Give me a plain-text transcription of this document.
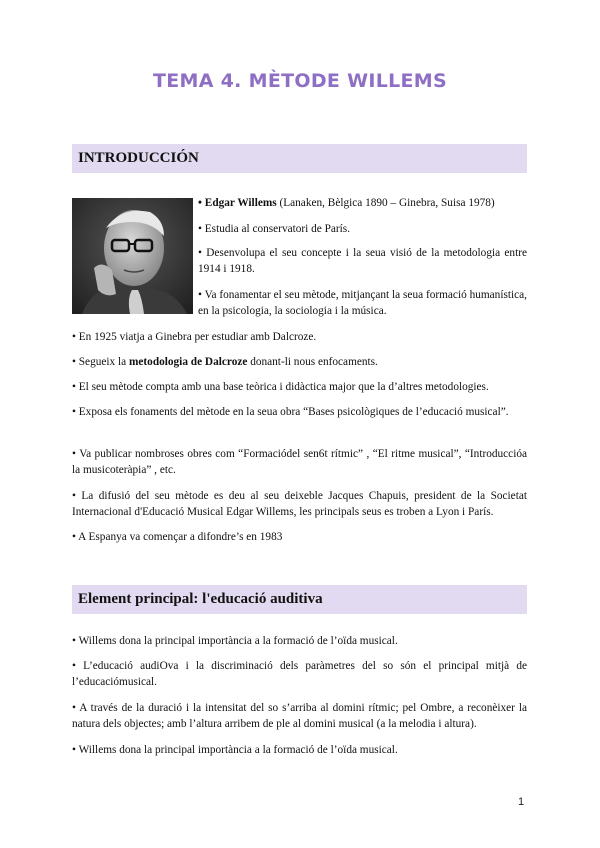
TEMA 4. MÈTODE WILLEMS
INTRODUCCIÓN

• Edgar Willems (Lanaken, Bèlgica 1890 – Ginebra, Suisa 1978)

• Estudia al conservatori de París.

• Desenvolupa el seu concepte i la seua visió de la metodologia entre 1914 i 1918.

• Va fonamentar el seu mètode, mitjançant la seua formació humanística, en la psicologia, la sociologia i la música.

• En 1925 viatja a Ginebra per estudiar amb Dalcroze.

• Segueix la metodologia de Dalcroze donant-li nous enfocaments.

• El seu mètode compta amb una base teòrica i didàctica major que la d’altres metodologies.

• Exposa els fonaments del mètode en la seua obra “Bases psicològiques de l’educació musical”.

• Va publicar nombroses obres com “Formaciódel sen6t rítmic” , “El ritme musical”, “Introduccióa la musicoteràpia” , etc.

• La difusió del seu mètode es deu al seu deixeble Jacques Chapuis, president de la Societat Internacional d'Educació Musical Edgar Willems, les principals seus es troben a Lyon i París.

• A Espanya va començar a difondre’s en 1983

Element principal: l'educació auditiva

• Willems dona la principal importància a la formació de l’oïda musical.

• L’educació audiOva i la discriminació dels paràmetres del so són el principal mitjà de l’educaciómusical.

• A través de la duració i la intensitat del so s’arriba al domini rítmic; pel Ombre, a reconèixer la natura dels objectes; amb l’altura arribem de ple al domini musical (a la melodia i altura).

• Willems dona la principal importància a la formació de l’oïda musical.

1
